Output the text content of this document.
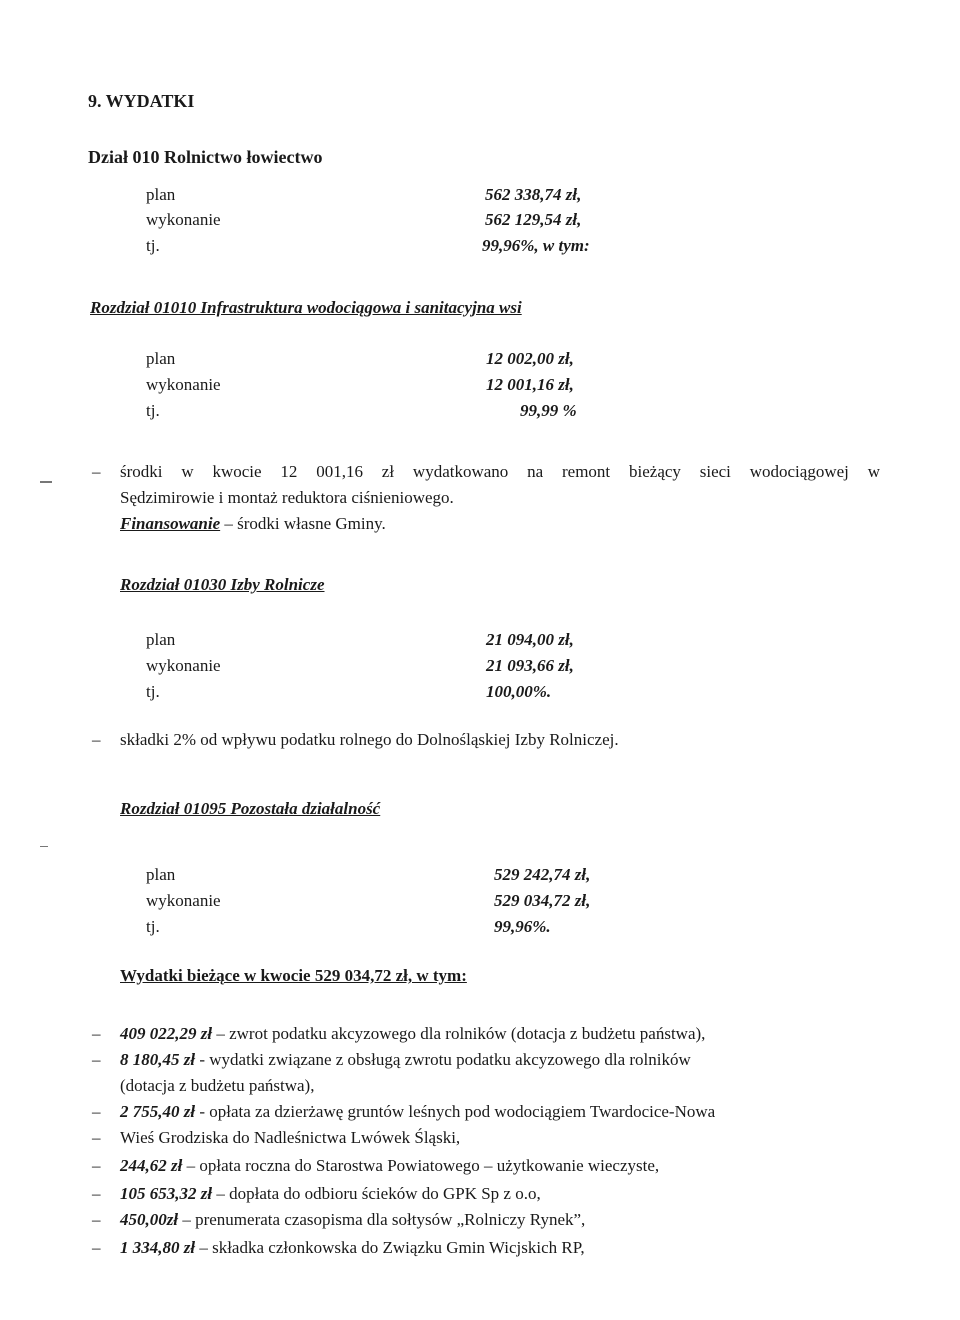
9. WYDATKI
Dział 010 Rolnictwo łowiectwo
plan	562 338,74 zł,
wykonanie	562 129,54 zł,
tj.	99,96%, w tym:
Rozdział 01010 Infrastruktura wodociągowa i sanitacyjna wsi
plan	12 002,00 zł,
wykonanie	12 001,16 zł,
tj.	99,99 %
– środki w kwocie 12 001,16 zł wydatkowano na remont bieżący sieci wodociągowej w
Sędzimirowie i montaż reduktora ciśnieniowego.
Finansowanie – środki własne Gminy.
Rozdział 01030 Izby Rolnicze
plan	21 094,00 zł,
wykonanie	21 093,66 zł,
tj.	100,00%.
– składki 2% od wpływu podatku rolnego do Dolnośląskiej Izby Rolniczej.
Rozdział 01095 Pozostała działalność
plan	529 242,74 zł,
wykonanie	529 034,72 zł,
tj.	99,96%.
Wydatki bieżące w kwocie 529 034,72 zł, w tym:
– 409 022,29 zł – zwrot podatku akcyzowego dla rolników (dotacja z budżetu państwa),
– 8 180,45 zł - wydatki związane z obsługą zwrotu podatku akcyzowego dla rolników
(dotacja z budżetu państwa),
– 2 755,40 zł - opłata za dzierżawę gruntów leśnych pod wodociągiem Twardocice-Nowa
– Wieś Grodziska do Nadleśnictwa Lwówek Śląski,
– 244,62 zł – opłata roczna do Starostwa Powiatowego – użytkowanie wieczyste,
– 105 653,32 zł – dopłata do odbioru ścieków do GPK Sp z o.o,
– 450,00zł – prenumerata czasopisma dla sołtysów „Rolniczy Rynek”,
– 1 334,80 zł – składka członkowska do Związku Gmin Wicjskich RP,
